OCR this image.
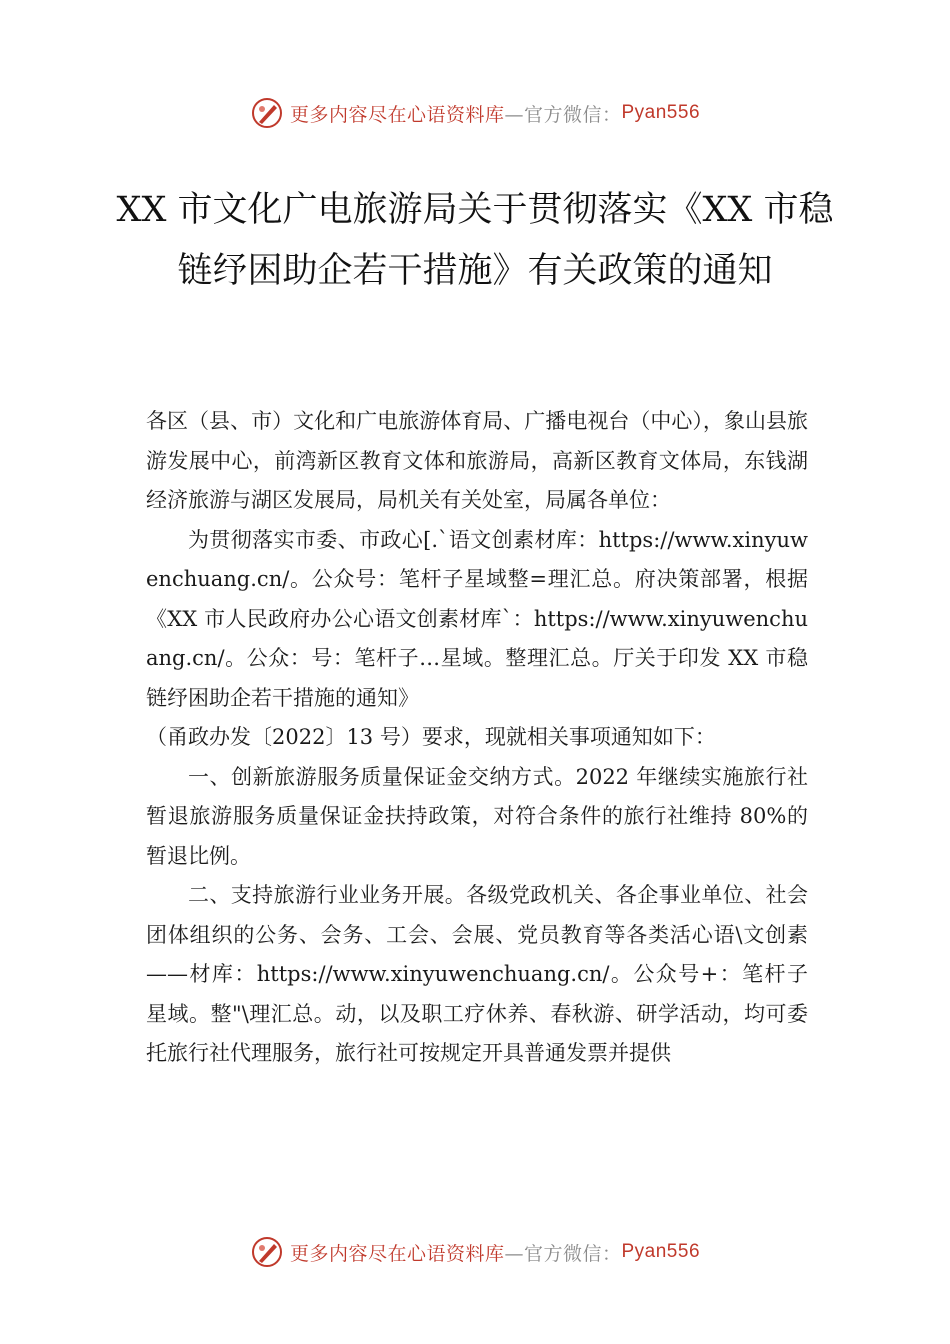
更多内容尽在心语资料库 —官方微信： Pyan556
XX 市文化广电旅游局关于贯彻落实《XX 市稳链纾困助企若干措施》有关政策的通知

各区（县、市）文化和广电旅游体育局、广播电视台（中心），象山县旅游发展中心，前湾新区教育文体和旅游局，高新区教育文体局，东钱湖经济旅游与湖区发展局，局机关有关处室，局属各单位：

为贯彻落实市委、市政心[.`语文创素材库：https://www.xinyuwenchuang.cn/。公众号：笔杆子星域整=理汇总。府决策部署，根据《XX 市人民政府办公心语文创素材库`：https://www.xinyuwenchuang.cn/。公众：号：笔杆子…星域。整理汇总。厅关于印发 XX 市稳链纾困助企若干措施的通知》

（甬政办发〔2022〕13 号）要求，现就相关事项通知如下：

一、创新旅游服务质量保证金交纳方式。2022 年继续实施旅行社暂退旅游服务质量保证金扶持政策，对符合条件的旅行社维持 80%的暂退比例。

二、支持旅游行业业务开展。各级党政机关、各企事业单位、社会团体组织的公务、会务、工会、会展、党员教育等各类活心语\文创素——材库：https://www.xinyuwenchuang.cn/。公众号+：笔杆子星域。整"\理汇总。动，以及职工疗休养、春秋游、研学活动，均可委托旅行社代理服务，旅行社可按规定开具普通发票并提供

更多内容尽在心语资料库 —官方微信： Pyan556
